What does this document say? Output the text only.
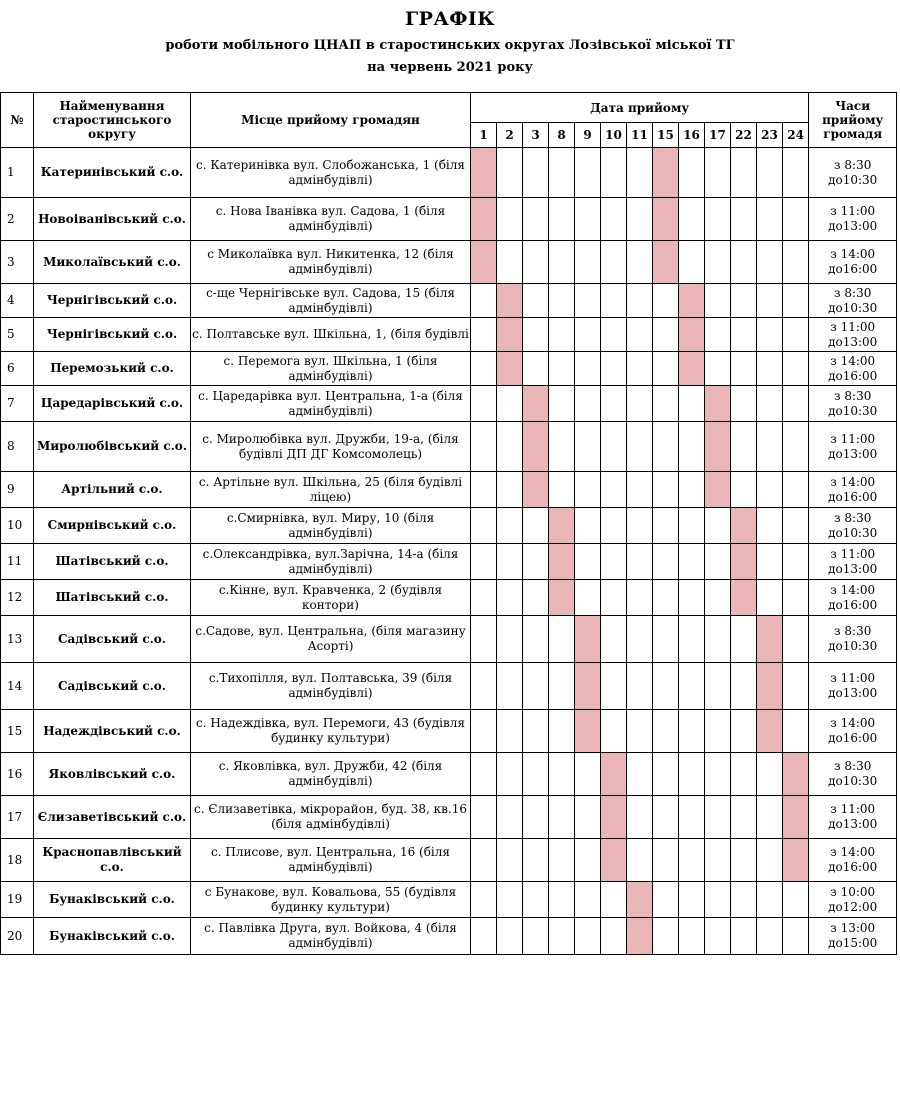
ГРАФІК
роботи мобільного ЦНАП в старостинських округах Лозівської міської ТГ
на червень 2021 року
№	Найменування старостинського округу	Місце прийому громадян	Дата прийому													Часи прийому громадя
			1	2	3	8	9	10	11	15	16	17	22	23	24	
1	Катеринівський с.о.	с. Катеринівка вул. Слобожанська, 1 (біля адмінбудівлі)														з 8:30 до10:30
2	Новоіванівський с.о.	с. Нова Іванівка вул. Садова, 1 (біля адмінбудівлі)														з 11:00 до13:00
3	Миколаївський с.о.	с Миколаївка вул. Никитенка, 12 (біля адмінбудівлі)														з 14:00 до16:00
4	Чернігівський с.о.	с-ще Чернігівське вул. Садова, 15 (біля адмінбудівлі)														з 8:30 до10:30
5	Чернігівський с.о.	с. Полтавське вул. Шкільна, 1, (біля будівлі														з 11:00 до13:00
6	Перемозький с.о.	с. Перемога вул. Шкільна, 1 (біля адмінбудівлі)														з 14:00 до16:00
7	Царедарівський с.о.	с. Царедарівка вул. Центральна, 1-а (біля адмінбудівлі)														з 8:30 до10:30
8	Миролюбівський с.о.	с. Миролюбівка вул. Дружби, 19-а, (біля будівлі ДП ДГ Комсомолець)														з 11:00 до13:00
9	Артільний с.о.	с. Артільне вул. Шкільна, 25 (біля будівлі ліцею)														з 14:00 до16:00
10	Смирнівський с.о.	с.Смирнівка, вул. Миру, 10 (біля адмінбудівлі)														з 8:30 до10:30
11	Шатівський с.о.	с.Олександрівка, вул.Зарічна, 14-а (біля адмінбудівлі)														з 11:00 до13:00
12	Шатівський с.о.	с.Кінне, вул. Кравченка, 2 (будівля контори)														з 14:00 до16:00
13	Садівський с.о.	с.Садове, вул. Центральна, (біля магазину Асорті)														з 8:30 до10:30
14	Садівський с.о.	с.Тихопілля, вул. Полтавська, 39 (біля адмінбудівлі)														з 11:00 до13:00
15	Надеждівський с.о.	с. Надеждівка, вул. Перемоги, 43 (будівля будинку культури)														з 14:00 до16:00
16	Яковлівський с.о.	с. Яковлівка, вул. Дружби, 42 (біля адмінбудівлі)														з 8:30 до10:30
17	Єлизаветівський с.о.	с. Єлизаветівка, мікрорайон, буд. 38, кв.16 (біля адмінбудівлі)														з 11:00 до13:00
18	Краснопавлівський с.о.	с. Плисове, вул. Центральна, 16 (біля адмінбудівлі)														з 14:00 до16:00
19	Бунаківський с.о.	с Бунакове, вул. Ковальова, 55 (будівля будинку культури)														з 10:00 до12:00
20	Бунаківський с.о.	с. Павлівка Друга, вул. Войкова, 4 (біля адмінбудівлі)														з 13:00 до15:00
